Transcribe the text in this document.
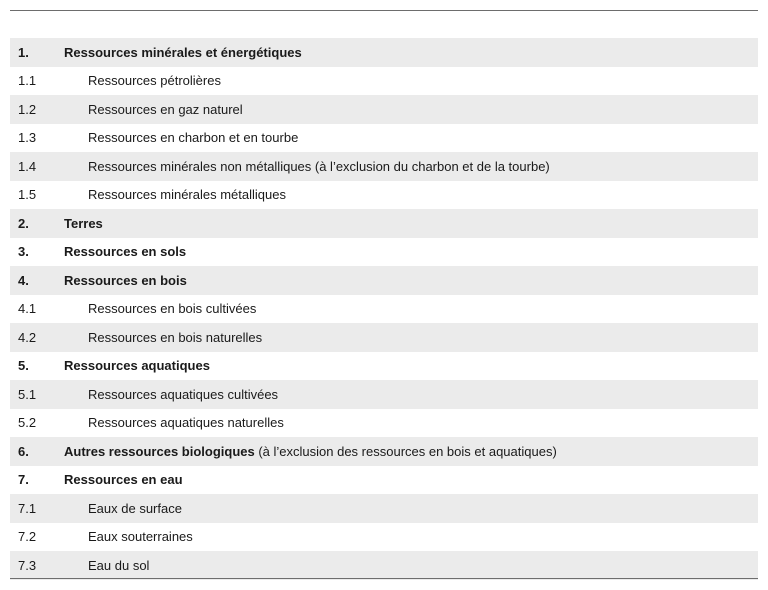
1.	Ressources minérales et énergétiques
1.1	Ressources pétrolières
1.2	Ressources en gaz naturel
1.3	Ressources en charbon et en tourbe
1.4	Ressources minérales non métalliques (à l’exclusion du charbon et de la tourbe)
1.5	Ressources minérales métalliques
2.	Terres
3.	Ressources en sols
4.	Ressources en bois
4.1	Ressources en bois cultivées
4.2	Ressources en bois naturelles
5.	Ressources aquatiques
5.1	Ressources aquatiques cultivées
5.2	Ressources aquatiques naturelles
6.	Autres ressources biologiques (à l’exclusion des ressources en bois et aquatiques)
7.	Ressources en eau
7.1	Eaux de surface
7.2	Eaux souterraines
7.3	Eau du sol
